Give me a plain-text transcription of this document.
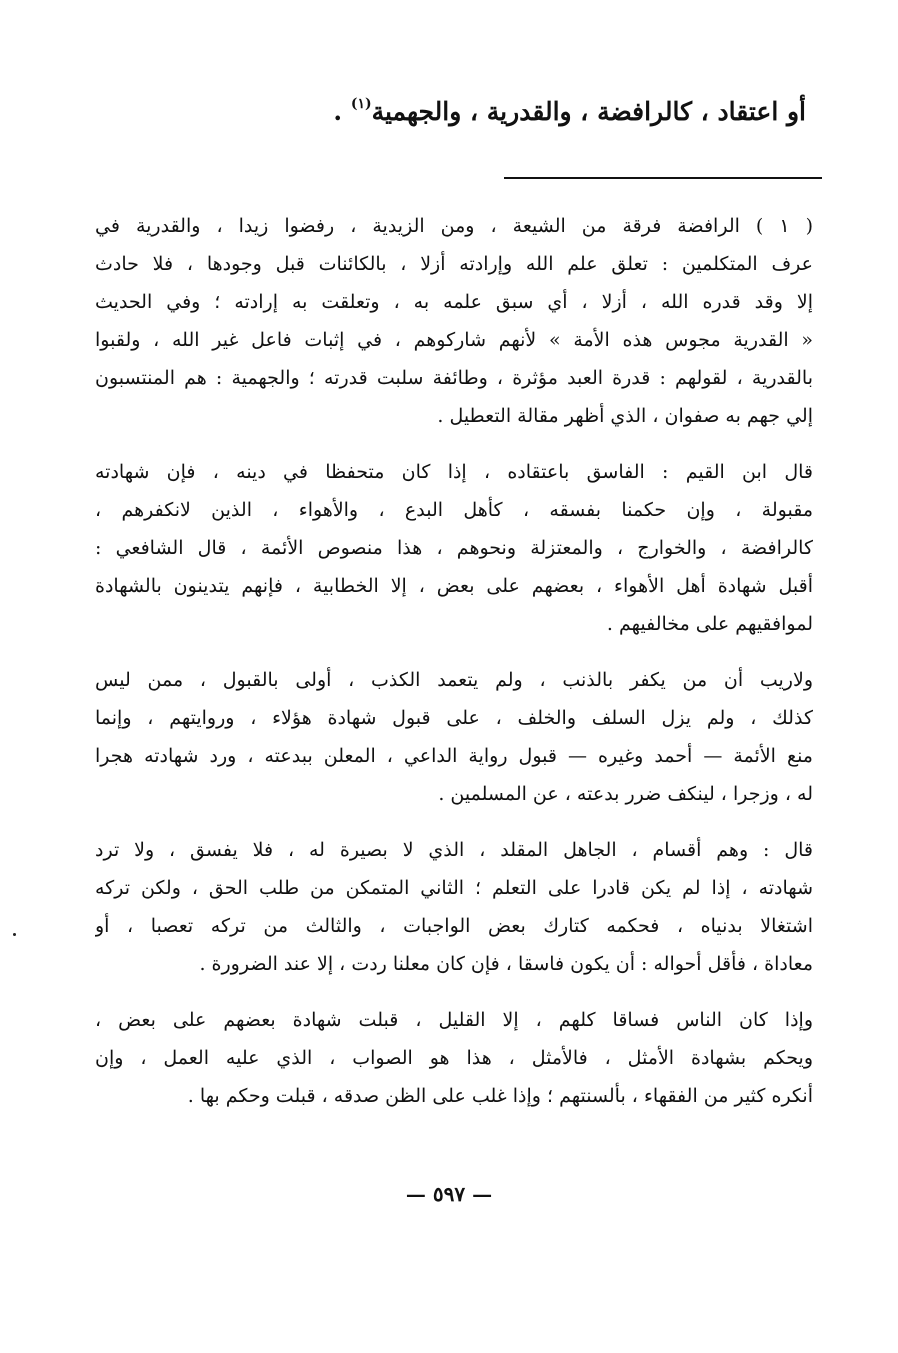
أو اعتقاد ، كالرافضة ، والقدرية ، والجهمية$^{(١)}$ .
( ١ ) الرافضة فرقة من الشيعة ، ومن الزيدية ، رفضوا زيدا ، والقدرية في
عرف المتكلمين : تعلق علم الله وإرادته أزلا ، بالكائنات قبل وجودها ، فلا حادث
إلا وقد قدره الله ، أزلا ، أي سبق علمه به ، وتعلقت به إرادته ؛ وفي الحديث
« القدرية مجوس هذه الأمة » لأنهم شاركوهم ، في إثبات فاعل غير الله ، ولقبوا
بالقدرية ، لقولهم : قدرة العبد مؤثرة ، وطائفة سلبت قدرته ؛ والجهمية : هم المنتسبون
إلي جهم به صفوان ، الذي أظهر مقالة التعطيل .
قال ابن القيم : الفاسق باعتقاده ، إذا كان متحفظا في دينه ، فإن شهادته
مقبولة ، وإن حكمنا بفسقه ، كأهل البدع ، والأهواء ، الذين لانكفرهم ،
كالرافضة ، والخوارج ، والمعتزلة ونحوهم ، هذا منصوص الأئمة ، قال الشافعي :
أقبل شهادة أهل الأهواء ، بعضهم على بعض ، إلا الخطابية ، فإنهم يتدينون بالشهادة
لموافقيهم على مخالفيهم .
ولاريب أن من يكفر بالذنب ، ولم يتعمد الكذب ، أولى بالقبول ، ممن ليس
كذلك ، ولم يزل السلف والخلف ، على قبول شهادة هؤلاء ، وروايتهم ، وإنما
منع الأئمة — أحمد وغيره — قبول رواية الداعي ، المعلن ببدعته ، ورد شهادته هجرا
له ، وزجرا ، لينكف ضرر بدعته ، عن المسلمين .
قال : وهم أقسام ، الجاهل المقلد ، الذي لا بصيرة له ، فلا يفسق ، ولا ترد
شهادته ، إذا لم يكن قادرا على التعلم ؛ الثاني المتمكن من طلب الحق ، ولكن تركه
اشتغالا بدنياه ، فحكمه كتارك بعض الواجبات ، والثالث من تركه تعصبا ، أو
معاداة ، فأقل أحواله : أن يكون فاسقا ، فإن كان معلنا ردت ، إلا عند الضرورة .
وإذا كان الناس فساقا كلهم ، إلا القليل ، قبلت شهادة بعضهم على بعض ،
ويحكم بشهادة الأمثل ، فالأمثل ، هذا هو الصواب ، الذي عليه العمل ، وإن
أنكره كثير من الفقهاء ، بألسنتهم ؛ وإذا غلب على الظن صدقه ، قبلت وحكم بها .
— ٥٩٧ —
